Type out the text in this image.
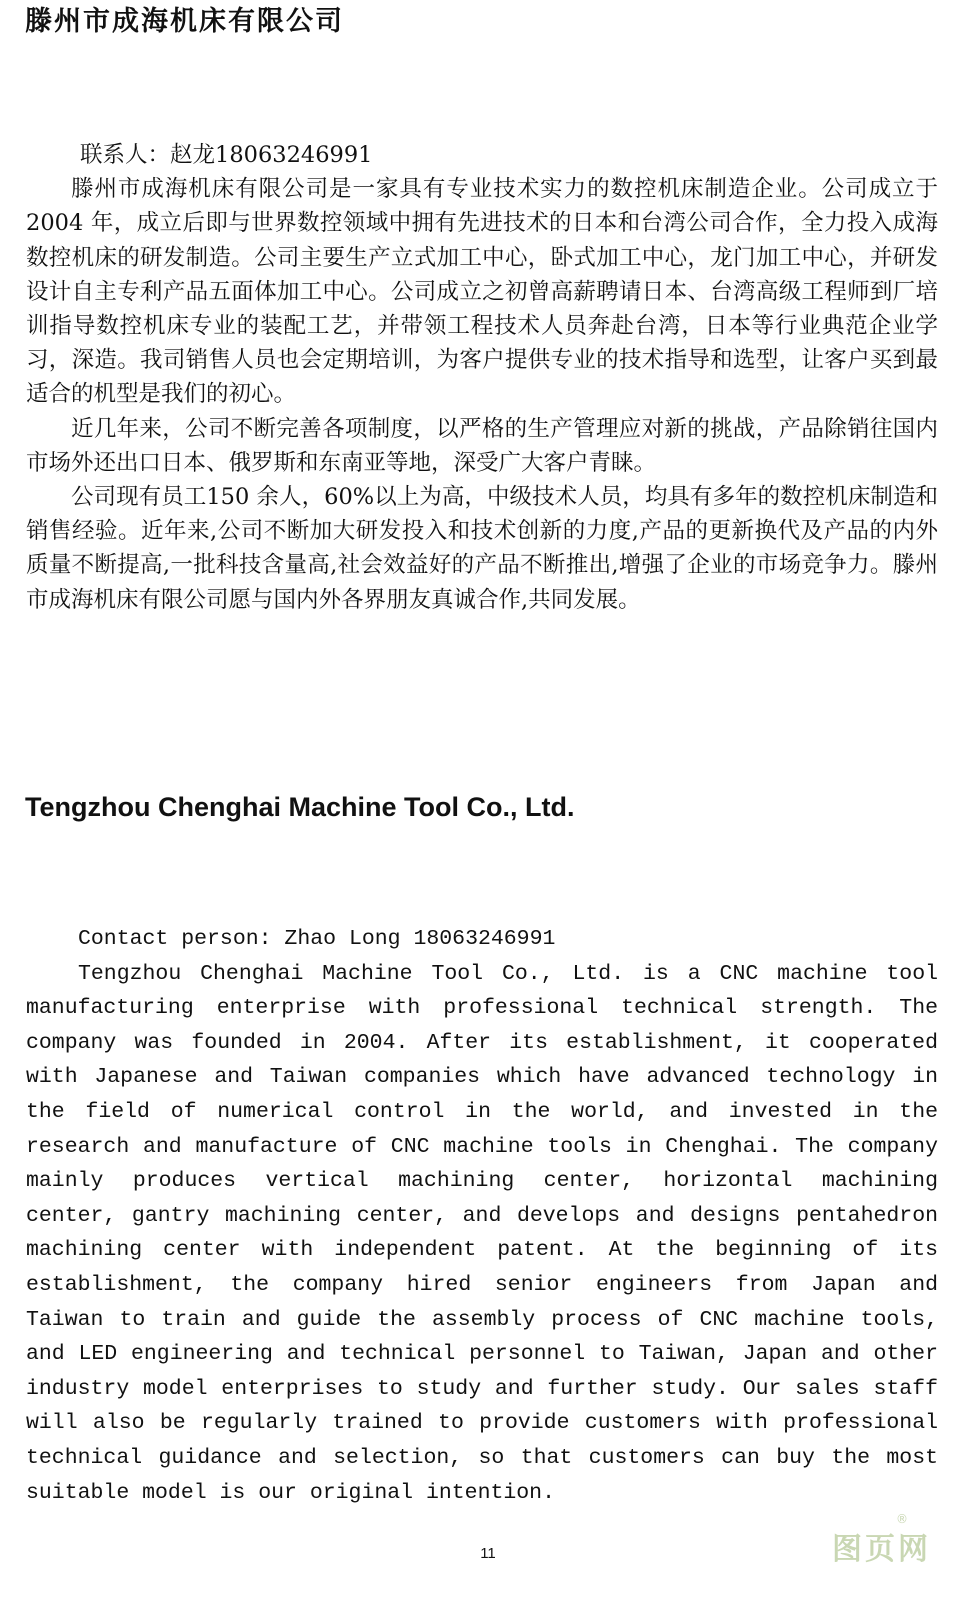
滕州市成海机床有限公司

联系人：赵龙18063246991

滕州市成海机床有限公司是一家具有专业技术实力的数控机床制造企业。公司成立于2004 年，成立后即与世界数控领域中拥有先进技术的日本和台湾公司合作，全力投入成海数控机床的研发制造。公司主要生产立式加工中心，卧式加工中心，龙门加工中心，并研发设计自主专利产品五面体加工中心。公司成立之初曾高薪聘请日本、台湾高级工程师到厂培训指导数控机床专业的装配工艺，并带领工程技术人员奔赴台湾，日本等行业典范企业学习，深造。我司销售人员也会定期培训，为客户提供专业的技术指导和选型，让客户买到最适合的机型是我们的初心。

近几年来，公司不断完善各项制度，以严格的生产管理应对新的挑战，产品除销往国内市场外还出口日本、俄罗斯和东南亚等地，深受广大客户青睐。

公司现有员工150 余人，60%以上为高，中级技术人员，均具有多年的数控机床制造和销售经验。近年来,公司不断加大研发投入和技术创新的力度,产品的更新换代及产品的内外质量不断提高,一批科技含量高,社会效益好的产品不断推出,增强了企业的市场竞争力。滕州市成海机床有限公司愿与国内外各界朋友真诚合作,共同发展。

Tengzhou Chenghai Machine Tool Co., Ltd.

Contact person: Zhao Long 18063246991

Tengzhou Chenghai Machine Tool Co., Ltd. is a CNC machine tool manufacturing enterprise with professional technical strength. The company was founded in 2004. After its establishment, it cooperated with Japanese and Taiwan companies which have advanced technology in the field of numerical control in the world, and invested in the research and manufacture of CNC machine tools in Chenghai. The company mainly produces vertical machining center, horizontal machining center, gantry machining center, and develops and designs pentahedron machining center with independent patent. At the beginning of its establishment, the company hired senior engineers from Japan and Taiwan to train and guide the assembly process of CNC machine tools, and LED engineering and technical personnel to Taiwan, Japan and other industry model enterprises to study and further study. Our sales staff will also be regularly trained to provide customers with professional technical guidance and selection, so that customers can buy the most suitable model is our original intention.

11	图页网
®
